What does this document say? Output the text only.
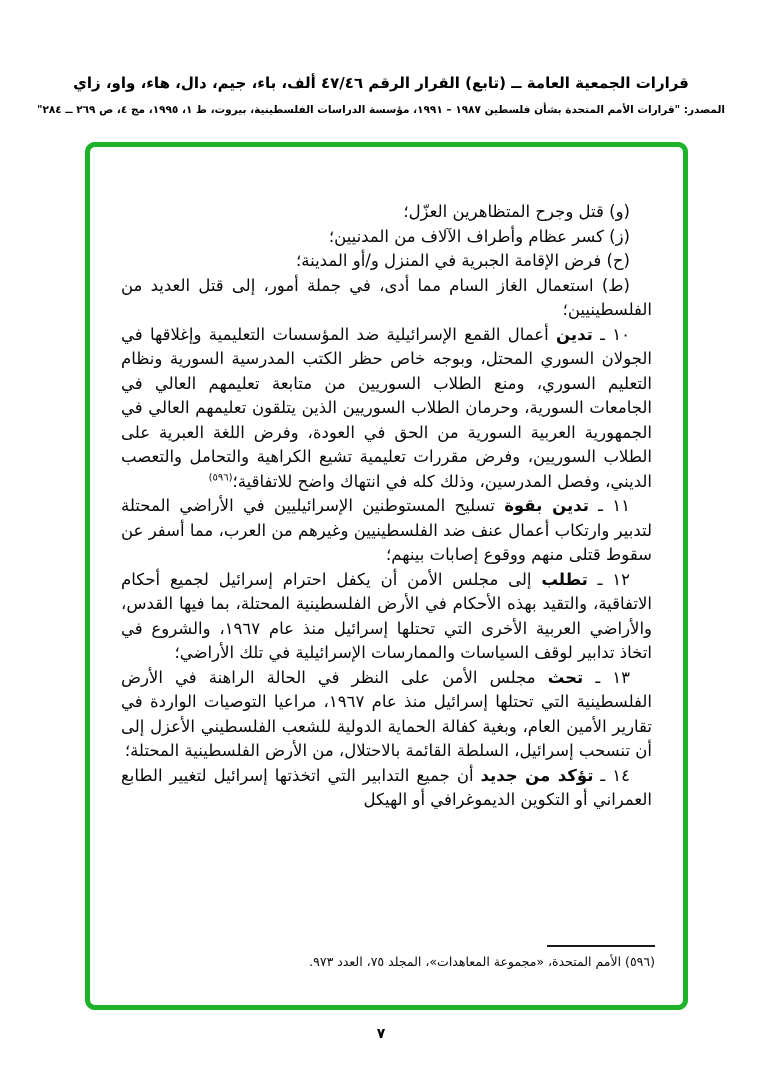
قرارات الجمعية العامة ــ (تابع) القرار الرقم ٤٧/٤٦ ألف، باء، جيم، دال، هاء، واو، زاي
المصدر: "قرارات الأمم المتحدة بشأن فلسطين ١٩٨٧ – ١٩٩١، مؤسسة الدراسات الفلسطينية، بيروت، ط ١، ١٩٩٥، مج ٤، ص ٢٦٩ ــ ٢٨٤"

(و) قتل وجرح المتظاهرين العزّل؛

(ز) كسر عظام وأطراف الآلاف من المدنيين؛

(ح) فرض الإقامة الجبرية في المنزل و/أو المدينة؛

(ط) استعمال الغاز السام مما أدى، في جملة أمور، إلى قتل العديد من الفلسطينيين؛

١٠ ـ تدين أعمال القمع الإسرائيلية ضد المؤسسات التعليمية وإغلاقها في الجولان السوري المحتل، وبوجه خاص حظر الكتب المدرسية السورية ونظام التعليم السوري، ومنع الطلاب السوريين من متابعة تعليمهم العالي في الجامعات السورية، وحرمان الطلاب السوريين الذين يتلقون تعليمهم العالي في الجمهورية العربية السورية من الحق في العودة، وفرض اللغة العبرية على الطلاب السوريين، وفرض مقررات تعليمية تشيع الكراهية والتحامل والتعصب الديني، وفصل المدرسين، وذلك كله في انتهاك واضح للاتفاقية؛$^{(٥٩٦)}$

١١ ـ تدين بقوة تسليح المستوطنين الإسرائيليين في الأراضي المحتلة لتدبير وارتكاب أعمال عنف ضد الفلسطينيين وغيرهم من العرب، مما أسفر عن سقوط قتلى منهم ووقوع إصابات بينهم؛

١٢ ـ تطلب إلى مجلس الأمن أن يكفل احترام إسرائيل لجميع أحكام الاتفاقية، والتقيد بهذه الأحكام في الأرض الفلسطينية المحتلة، بما فيها القدس، والأراضي العربية الأخرى التي تحتلها إسرائيل منذ عام ١٩٦٧، والشروع في اتخاذ تدابير لوقف السياسات والممارسات الإسرائيلية في تلك الأراضي؛

١٣ ـ تحث مجلس الأمن على النظر في الحالة الراهنة في الأرض الفلسطينية التي تحتلها إسرائيل منذ عام ١٩٦٧، مراعيا التوصيات الواردة في تقارير الأمين العام، وبغية كفالة الحماية الدولية للشعب الفلسطيني الأعزل إلى أن تنسحب إسرائيل، السلطة القائمة بالاحتلال، من الأرض الفلسطينية المحتلة؛

١٤ ـ تؤكد من جديد أن جميع التدابير التي اتخذتها إسرائيل لتغيير الطابع العمراني أو التكوين الديموغرافي أو الهيكل

(٥٩٦) الأمم المتحدة، «مجموعة المعاهدات»، المجلد ٧٥، العدد ٩٧٣.
٧
